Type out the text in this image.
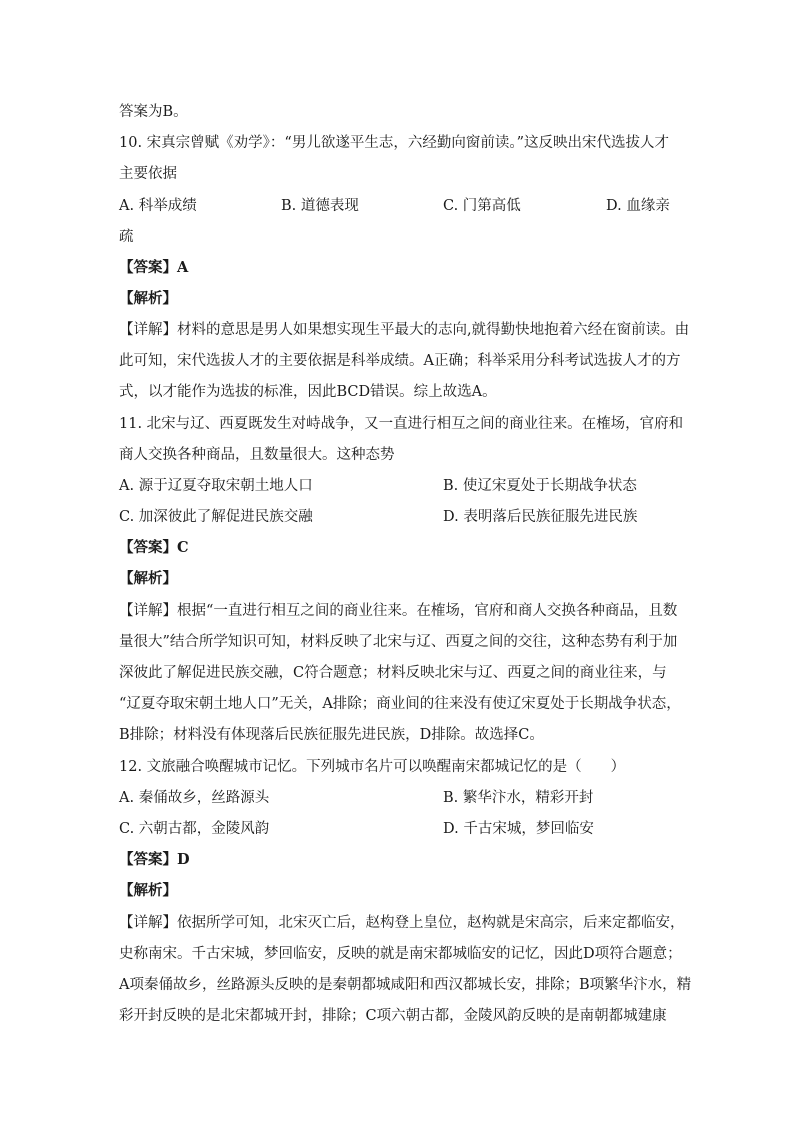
答案为B。
10. 宋真宗曾赋《劝学》：“男儿欲遂平生志，六经勤向窗前读。”这反映出宋代选拔人才
主要依据
A. 科举成绩	B. 道德表现	C. 门第高低	D. 血缘亲
疏
【答案】A
【解析】
【详解】材料的意思是男人如果想实现生平最大的志向,就得勤快地抱着六经在窗前读。由
此可知，宋代选拔人才的主要依据是科举成绩。A正确；科举采用分科考试选拔人才的方
式，以才能作为选拔的标准，因此BCD错误。综上故选A。
11. 北宋与辽、西夏既发生对峙战争，又一直进行相互之间的商业往来。在榷场，官府和
商人交换各种商品，且数量很大。这种态势
A. 源于辽夏夺取宋朝土地人口	B. 使辽宋夏处于长期战争状态
C. 加深彼此了解促进民族交融	D. 表明落后民族征服先进民族
【答案】C
【解析】
【详解】根据“一直进行相互之间的商业往来。在榷场，官府和商人交换各种商品，且数
量很大”结合所学知识可知，材料反映了北宋与辽、西夏之间的交往，这种态势有利于加
深彼此了解促进民族交融，C符合题意；材料反映北宋与辽、西夏之间的商业往来，与
“辽夏夺取宋朝土地人口”无关，A排除；商业间的往来没有使辽宋夏处于长期战争状态，
B排除；材料没有体现落后民族征服先进民族，D排除。故选择C。
12. 文旅融合唤醒城市记忆。下列城市名片可以唤醒南宋都城记忆的是（　　）
A. 秦俑故乡，丝路源头	B. 繁华汴水，精彩开封
C. 六朝古都，金陵风韵	D. 千古宋城，梦回临安
【答案】D
【解析】
【详解】依据所学可知，北宋灭亡后，赵构登上皇位，赵构就是宋高宗，后来定都临安，
史称南宋。千古宋城，梦回临安，反映的就是南宋都城临安的记忆，因此D项符合题意；
A项秦俑故乡，丝路源头反映的是秦朝都城咸阳和西汉都城长安，排除；B项繁华汴水，精
彩开封反映的是北宋都城开封，排除；C项六朝古都，金陵风韵反映的是南朝都城建康
